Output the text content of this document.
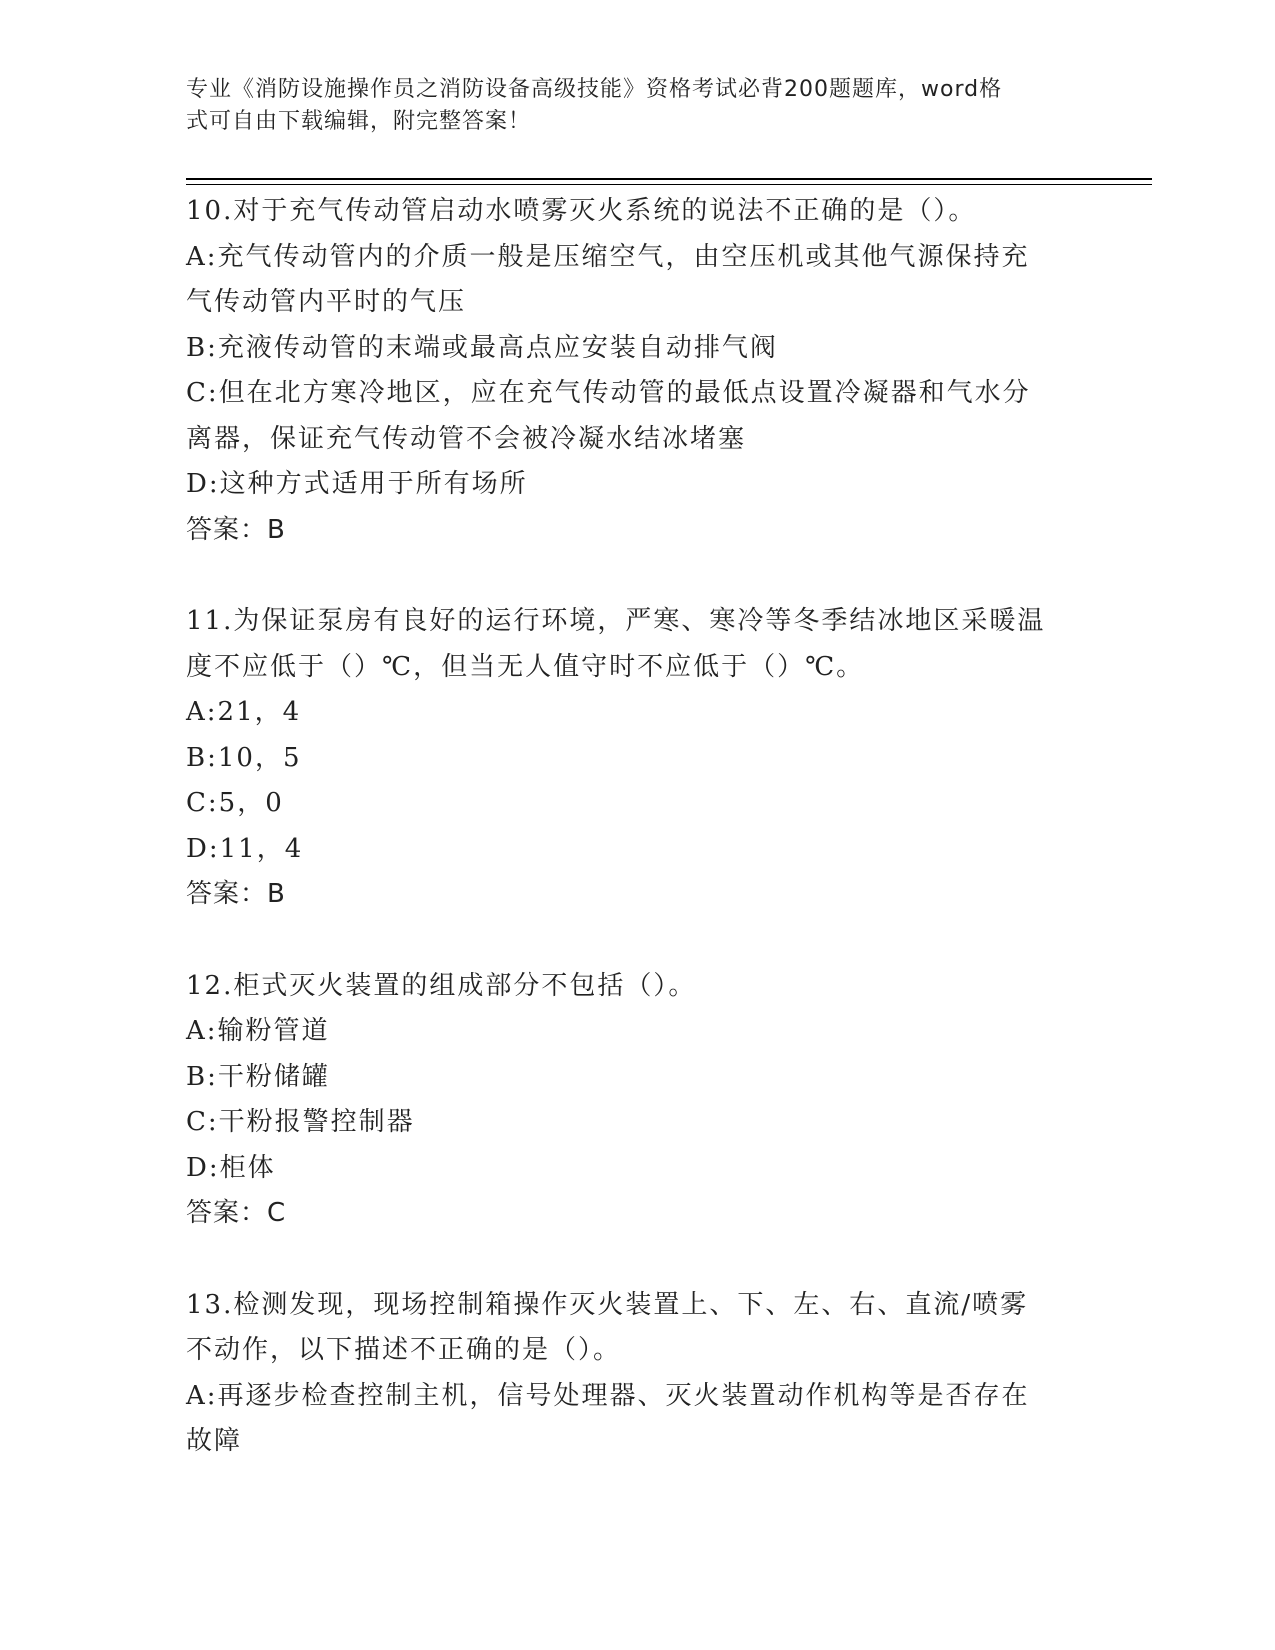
专业《消防设施操作员之消防设备高级技能》资格考试必背200题题库，word格
式可自由下载编辑，附完整答案！
10.对于充气传动管启动水喷雾灭火系统的说法不正确的是（）。
A:充气传动管内的介质一般是压缩空气，由空压机或其他气源保持充
气传动管内平时的气压
B:充液传动管的末端或最高点应安装自动排气阀
C:但在北方寒冷地区，应在充气传动管的最低点设置冷凝器和气水分
离器，保证充气传动管不会被冷凝水结冰堵塞
D:这种方式适用于所有场所
答案：B
11.为保证泵房有良好的运行环境，严寒、寒冷等冬季结冰地区采暖温
度不应低于（）℃，但当无人值守时不应低于（）℃。
A:21，4
B:10，5
C:5，0
D:11，4
答案：B
12.柜式灭火装置的组成部分不包括（）。
A:输粉管道
B:干粉储罐
C:干粉报警控制器
D:柜体
答案：C
13.检测发现，现场控制箱操作灭火装置上、下、左、右、直流/喷雾
不动作，以下描述不正确的是（）。
A:再逐步检查控制主机，信号处理器、灭火装置动作机构等是否存在
故障
